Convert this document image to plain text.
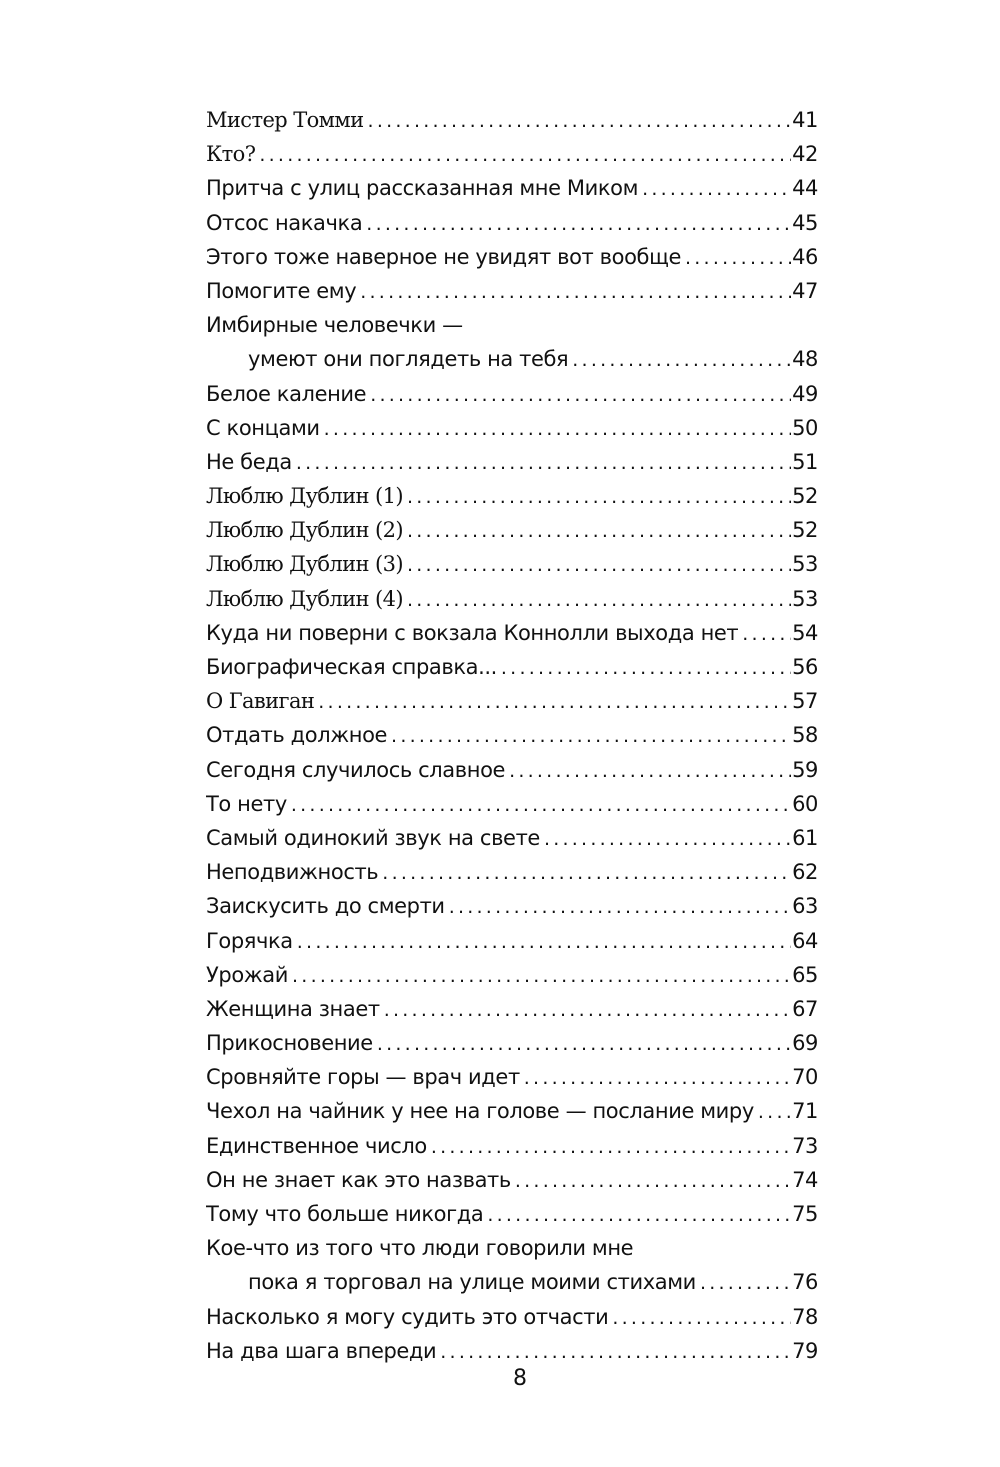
Мистер Томми . . .	41
Кто? . . .	42
Притча с улиц рассказанная мне Миком . . .	44
Отсос накачка . . .	45
Этого тоже наверное не увидят вот вообще . . .	46
Помогите ему . . .	47
Имбирные человечки —
умеют они поглядеть на тебя . . .	48
Белое каление . . .	49
С концами . . .	50
Не беда . . .	51
Люблю Дублин (1) . . .	52
Люблю Дублин (2) . . .	52
Люблю Дублин (3) . . .	53
Люблю Дублин (4) . . .	53
Куда ни поверни с вокзала Коннолли выхода нет . . .	54
Биографическая справка... . . .	56
О Гавиган . . .	57
Отдать должное . . .	58
Сегодня случилось славное . . .	59
То нету . . .	60
Самый одинокий звук на свете . . .	61
Неподвижность . . .	62
Заискусить до смерти . . .	63
Горячка . . .	64
Урожай . . .	65
Женщина знает . . .	67
Прикосновение . . .	69
Сровняйте горы — врач идет . . .	70
Чехол на чайник у нее на голове — послание миру . . . 71
Единственное число . . .	73
Он не знает как это назвать . . .	74
Тому что больше никогда . . .	75
Кое-что из того что люди говорили мне
пока я торговал на улице моими стихами . . .	76
Насколько я могу судить это отчасти . . .	78
На два шага впереди . . .	79
8
